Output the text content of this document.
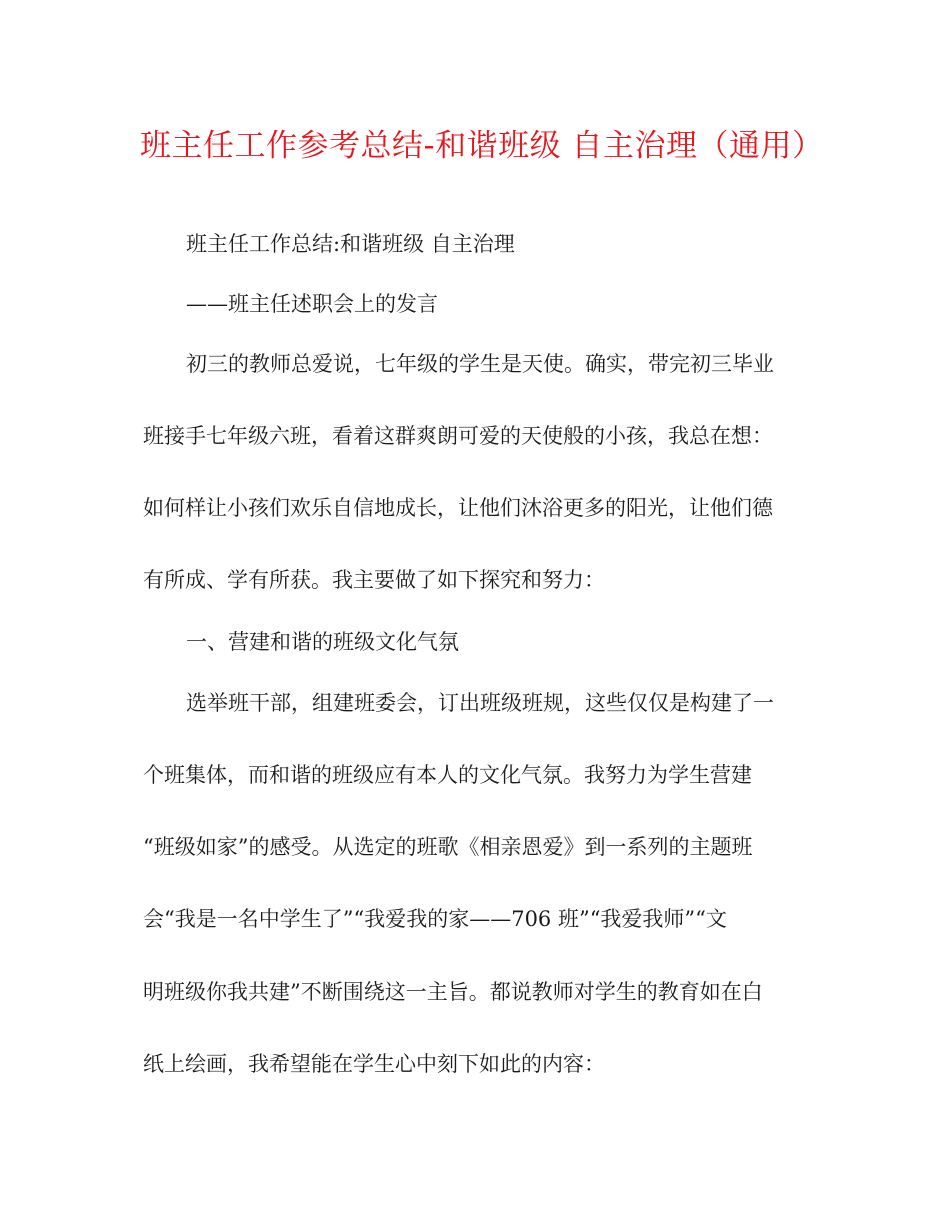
班主任工作参考总结-和谐班级 自主治理（通用）
班主任工作总结:和谐班级 自主治理
——班主任述职会上的发言
初三的教师总爱说，七年级的学生是天使。确实，带完初三毕业
班接手七年级六班，看着这群爽朗可爱的天使般的小孩，我总在想：
如何样让小孩们欢乐自信地成长，让他们沐浴更多的阳光，让他们德
有所成、学有所获。我主要做了如下探究和努力：
一、营建和谐的班级文化气氛
选举班干部，组建班委会，订出班级班规，这些仅仅是构建了一
个班集体，而和谐的班级应有本人的文化气氛。我努力为学生营建
“班级如家”的感受。从选定的班歌《相亲恩爱》到一系列的主题班
会“我是一名中学生了”“我爱我的家——706 班”“我爱我师”“文
明班级你我共建”不断围绕这一主旨。都说教师对学生的教育如在白
纸上绘画，我希望能在学生心中刻下如此的内容：
